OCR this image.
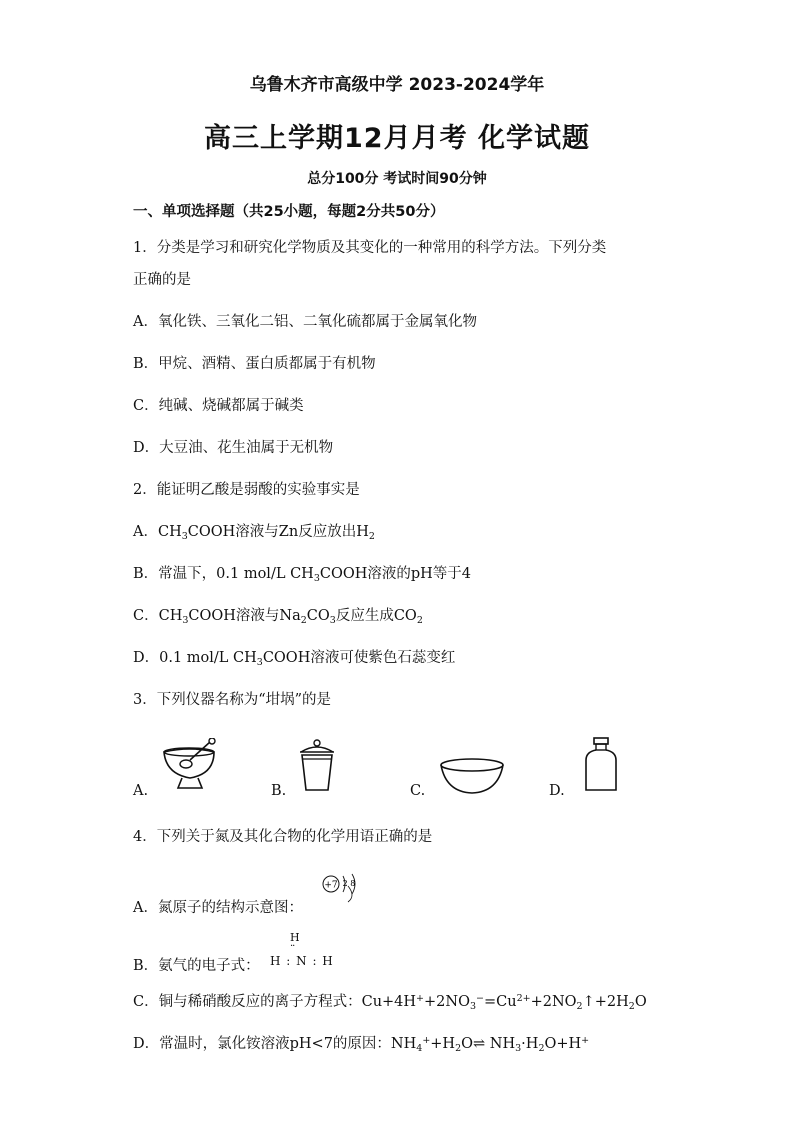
乌鲁木齐市高级中学 2023-2024学年
高三上学期12月月考 化学试题
总分100分 考试时间90分钟
一、单项选择题（共25小题，每题2分共50分）
1．分类是学习和研究化学物质及其变化的一种常用的科学方法。下列分类
正确的是
A．氧化铁、三氧化二铝、二氧化硫都属于金属氧化物
B．甲烷、酒精、蛋白质都属于有机物
C．纯碱、烧碱都属于碱类
D．大豆油、花生油属于无机物
2．能证明乙酸是弱酸的实验事实是
A．$CH_3COOH$溶液与Zn反应放出$H_2$
B．常温下，0.1 mol/L $CH_3COOH$溶液的pH等于4
C．$CH_3COOH$溶液与$Na_2CO_3$反应生成$CO_2$
D．0.1 mol/L $CH_3COOH$溶液可使紫色石蕊变红
3．下列仪器名称为“坩埚”的是
A.	B.	C.	D.
4．下列关于氮及其化合物的化学用语正确的是
A．氮原子的结构示意图：
+7 2 8
B．氨气的电子式：
H
··
H : N : H
C．铜与稀硝酸反应的离子方程式：$Cu+4H^++2NO_3^-=Cu^{2+}+2NO_2↑+2H_2O$
D．常温时，氯化铵溶液pH<7的原因：$NH_4^++H_2O\rightleftharpoons$ $NH_3\cdot H_2O+H^+$
